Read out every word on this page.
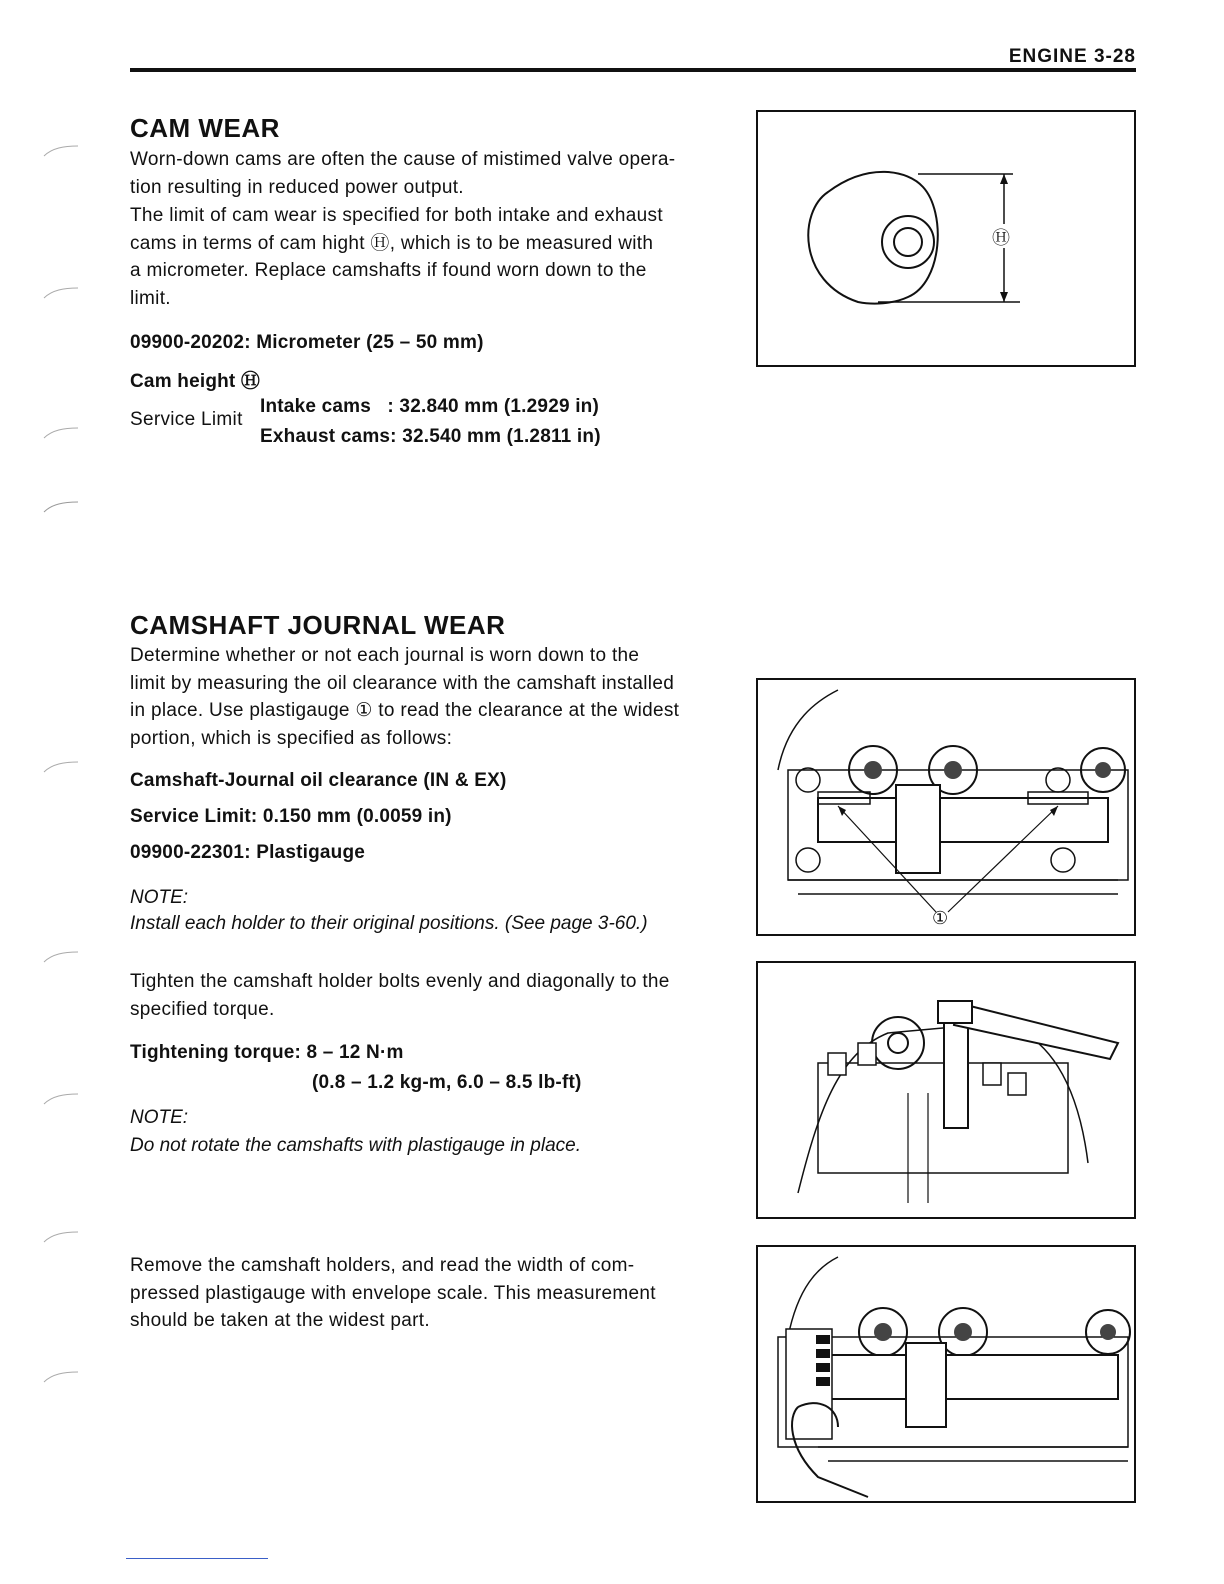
ENGINE 3-28
CAM WEAR
Worn-down cams are often the cause of mistimed valve opera-
tion resulting in reduced power output.
The limit of cam wear is specified for both intake and exhaust
cams in terms of cam hight Ⓗ, which is to be measured with
a micrometer. Replace camshafts if found worn down to the
limit.
09900-20202: Micrometer (25 – 50 mm)
Cam height Ⓗ
Service Limit
Intake cams   : 32.840 mm (1.2929 in)
Exhaust cams: 32.540 mm (1.2811 in)
Ⓗ
CAMSHAFT JOURNAL WEAR
Determine whether or not each journal is worn down to the
limit by measuring the oil clearance with the camshaft installed
in place. Use plastigauge ① to read the clearance at the widest
portion, which is specified as follows:
Camshaft-Journal oil clearance (IN & EX)
Service Limit: 0.150 mm (0.0059 in)
09900-22301: Plastigauge
NOTE:
Install each holder to their original positions. (See page 3-60.)
Tighten the camshaft holder bolts evenly and diagonally to the
specified torque.
Tightening torque: 8 – 12 N·m
(0.8 – 1.2 kg-m, 6.0 – 8.5 lb-ft)
NOTE:
Do not rotate the camshafts with plastigauge in place.
Remove the camshaft holders, and read the width of com-
pressed plastigauge with envelope scale. This measurement
should be taken at the widest part.
①
